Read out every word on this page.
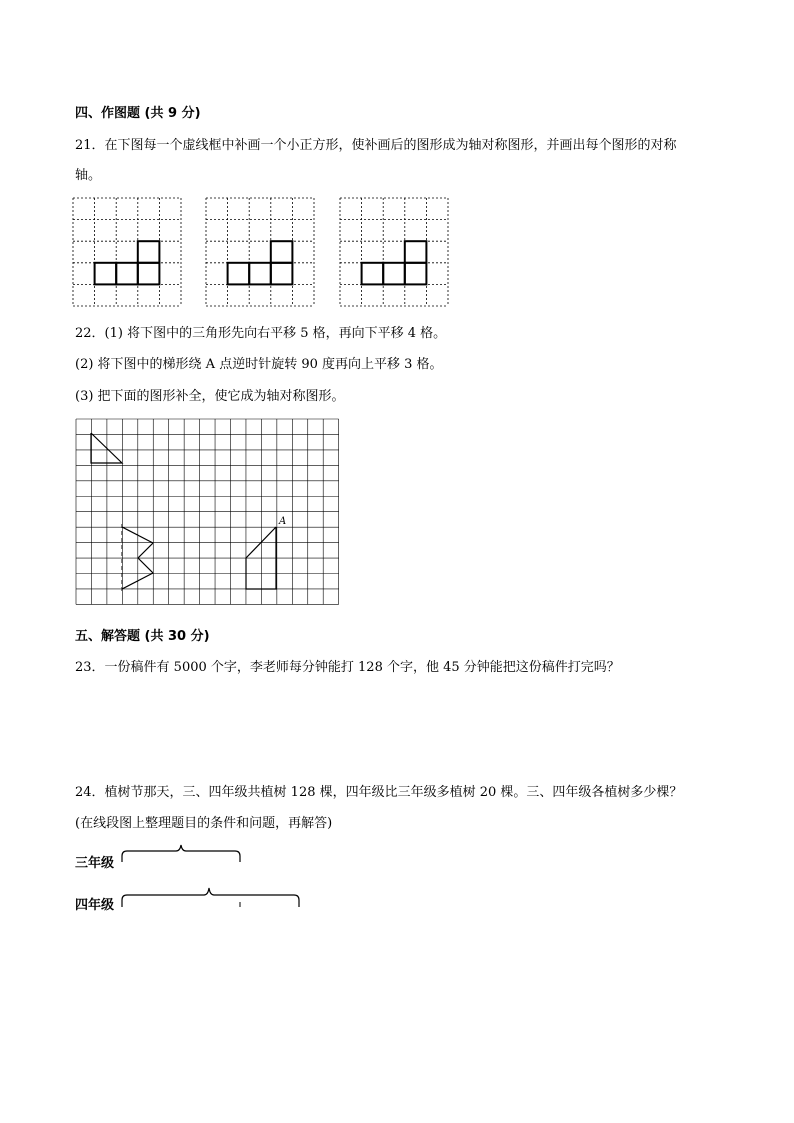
四、作图题 (共 9 分)
21．在下图每一个虚线框中补画一个小正方形，使补画后的图形成为轴对称图形，并画出每个图形的对称
轴。
22．(1) 将下图中的三角形先向右平移 5 格，再向下平移 4 格。
(2) 将下图中的梯形绕 A 点逆时针旋转 90 度再向上平移 3 格。
(3) 把下面的图形补全，使它成为轴对称图形。
A
五、解答题 (共 30 分)
23．一份稿件有 5000 个字，李老师每分钟能打 128 个字，他 45 分钟能把这份稿件打完吗？
24．植树节那天，三、四年级共植树 128 棵，四年级比三年级多植树 20 棵。三、四年级各植树多少棵？
(在线段图上整理题目的条件和问题，再解答)
三年级
四年级
